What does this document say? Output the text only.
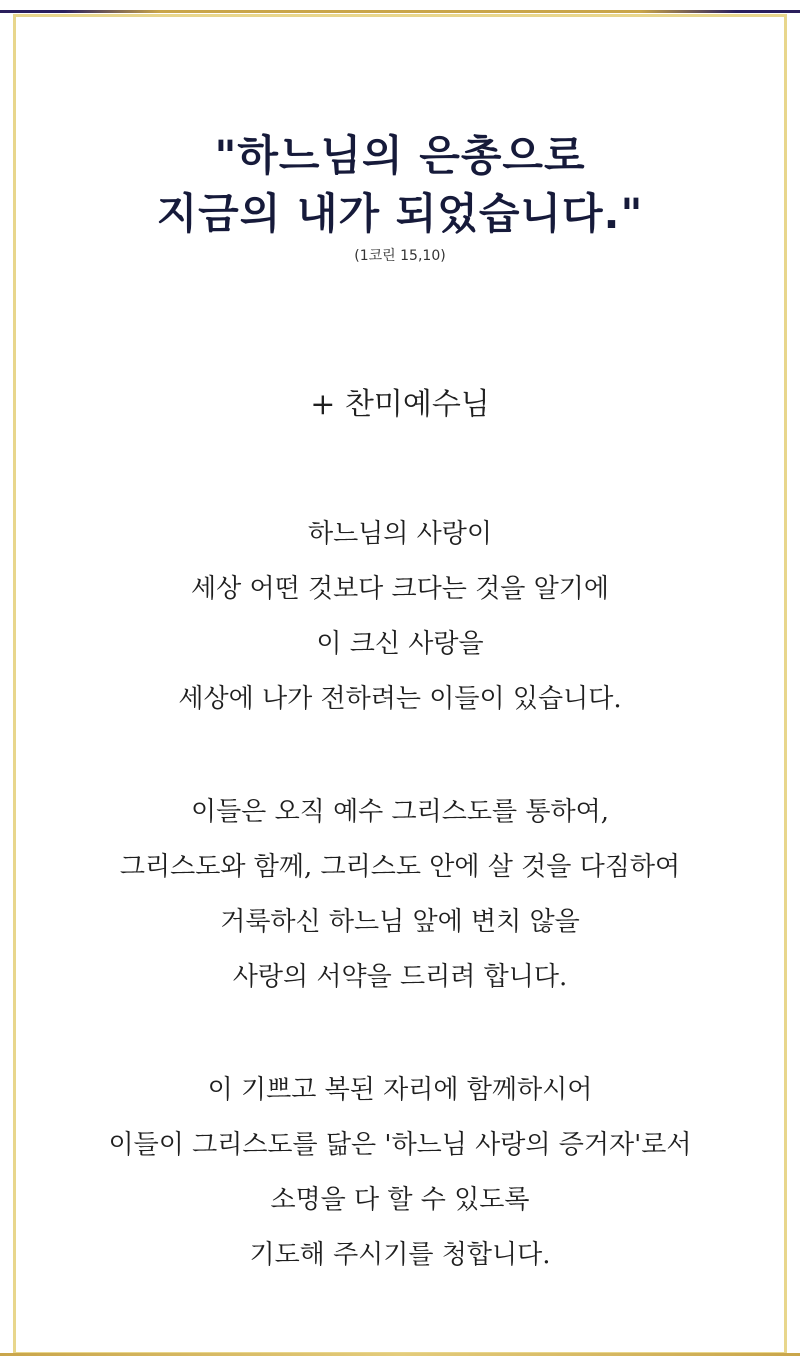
"하느님의 은총으로
지금의 내가 되었습니다."
(1코린 15,10)
+ 찬미예수님
하느님의 사랑이
세상 어떤 것보다 크다는 것을 알기에
이 크신 사랑을
세상에 나가 전하려는 이들이 있습니다.
이들은 오직 예수 그리스도를 통하여,
그리스도와 함께, 그리스도 안에 살 것을 다짐하여
거룩하신 하느님 앞에 변치 않을
사랑의 서약을 드리려 합니다.
이 기쁘고 복된 자리에 함께하시어
이들이 그리스도를 닮은 '하느님 사랑의 증거자'로서
소명을 다 할 수 있도록
기도해 주시기를 청합니다.
